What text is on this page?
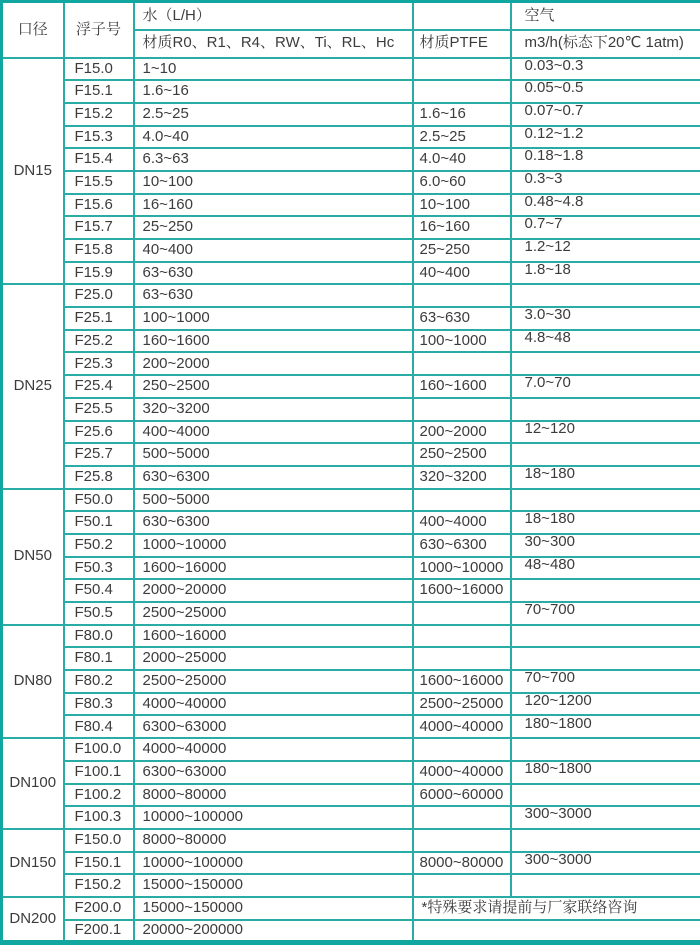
口径	浮子号	水（L/H）		空气
		材质R0、R1、R4、RW、Ti、RL、Hc	材质PTFE	m3/h(标态下20℃ 1atm)
DN15	F15.0	1~10		0.03~0.3
	F15.1	1.6~16		0.05~0.5
	F15.2	2.5~25	1.6~16	0.07~0.7
	F15.3	4.0~40	2.5~25	0.12~1.2
	F15.4	6.3~63	4.0~40	0.18~1.8
	F15.5	10~100	6.0~60	0.3~3
	F15.6	16~160	10~100	0.48~4.8
	F15.7	25~250	16~160	0.7~7
	F15.8	40~400	25~250	1.2~12
	F15.9	63~630	40~400	1.8~18
DN25	F25.0	63~630		
	F25.1	100~1000	63~630	3.0~30
	F25.2	160~1600	100~1000	4.8~48
	F25.3	200~2000		
	F25.4	250~2500	160~1600	7.0~70
	F25.5	320~3200		
	F25.6	400~4000	200~2000	12~120
	F25.7	500~5000	250~2500	
	F25.8	630~6300	320~3200	18~180
DN50	F50.0	500~5000		
	F50.1	630~6300	400~4000	18~180
	F50.2	1000~10000	630~6300	30~300
	F50.3	1600~16000	1000~10000	48~480
	F50.4	2000~20000	1600~16000	
	F50.5	2500~25000		70~700
DN80	F80.0	1600~16000		
	F80.1	2000~25000		
	F80.2	2500~25000	1600~16000	70~700
	F80.3	4000~40000	2500~25000	120~1200
	F80.4	6300~63000	4000~40000	180~1800
DN100	F100.0	4000~40000		
	F100.1	6300~63000	4000~40000	180~1800
	F100.2	8000~80000	6000~60000	
	F100.3	10000~100000		300~3000
DN150	F150.0	8000~80000		
	F150.1	10000~100000	8000~80000	300~3000
	F150.2	15000~150000		
DN200	F200.0	15000~150000	*特殊要求请提前与厂家联络咨询	
	F200.1	20000~200000		
